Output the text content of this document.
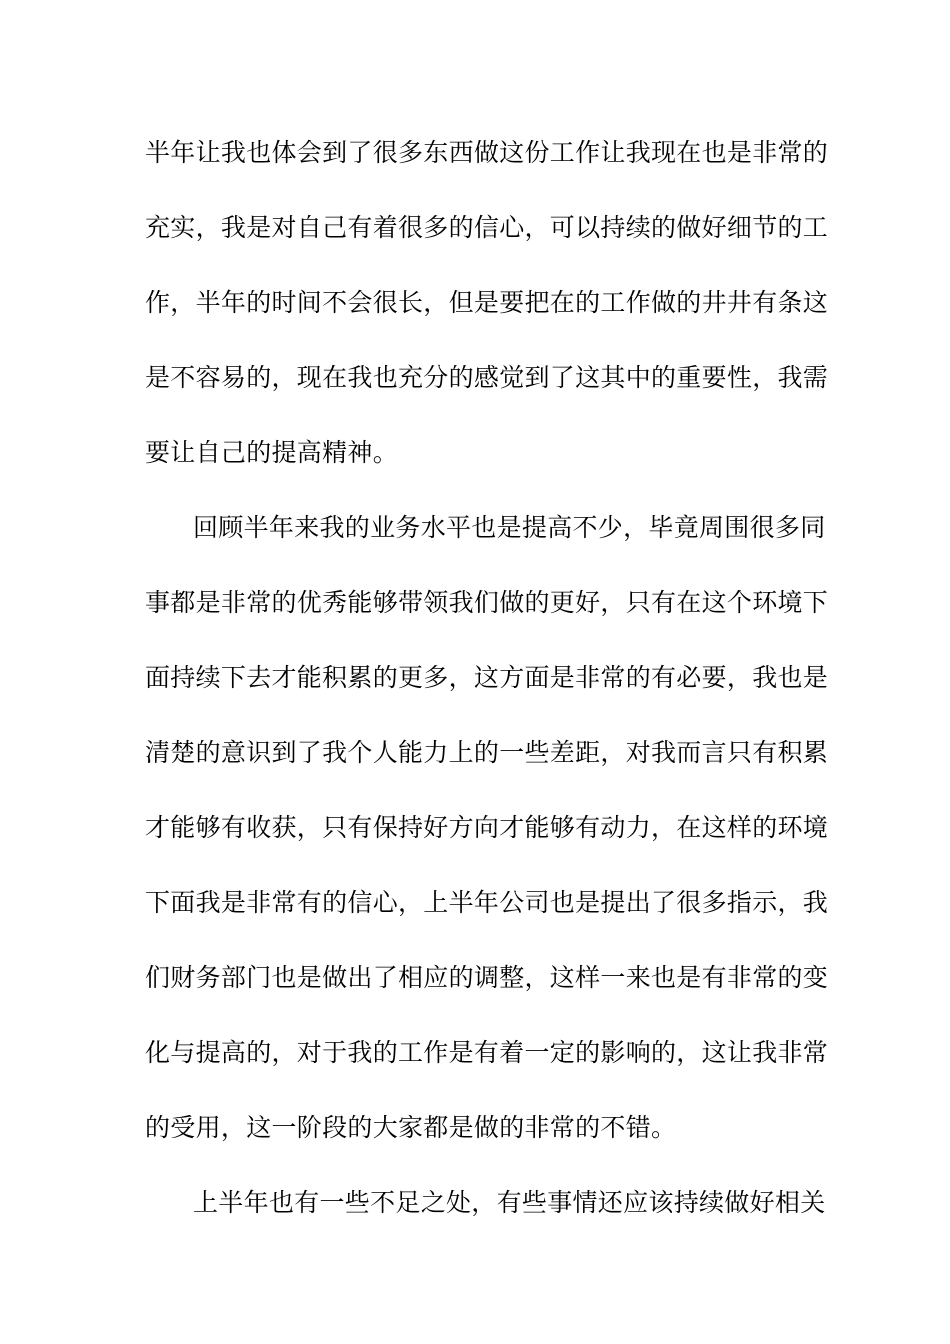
半年让我也体会到了很多东西做这份工作让我现在也是非常的
充实，我是对自己有着很多的信心，可以持续的做好细节的工
作，半年的时间不会很长，但是要把在的工作做的井井有条这
是不容易的，现在我也充分的感觉到了这其中的重要性，我需
要让自己的提高精神。
回顾半年来我的业务水平也是提高不少，毕竟周围很多同
事都是非常的优秀能够带领我们做的更好，只有在这个环境下
面持续下去才能积累的更多，这方面是非常的有必要，我也是
清楚的意识到了我个人能力上的一些差距，对我而言只有积累
才能够有收获，只有保持好方向才能够有动力，在这样的环境
下面我是非常有的信心，上半年公司也是提出了很多指示，我
们财务部门也是做出了相应的调整，这样一来也是有非常的变
化与提高的，对于我的工作是有着一定的影响的，这让我非常
的受用，这一阶段的大家都是做的非常的不错。
上半年也有一些不足之处，有些事情还应该持续做好相关
